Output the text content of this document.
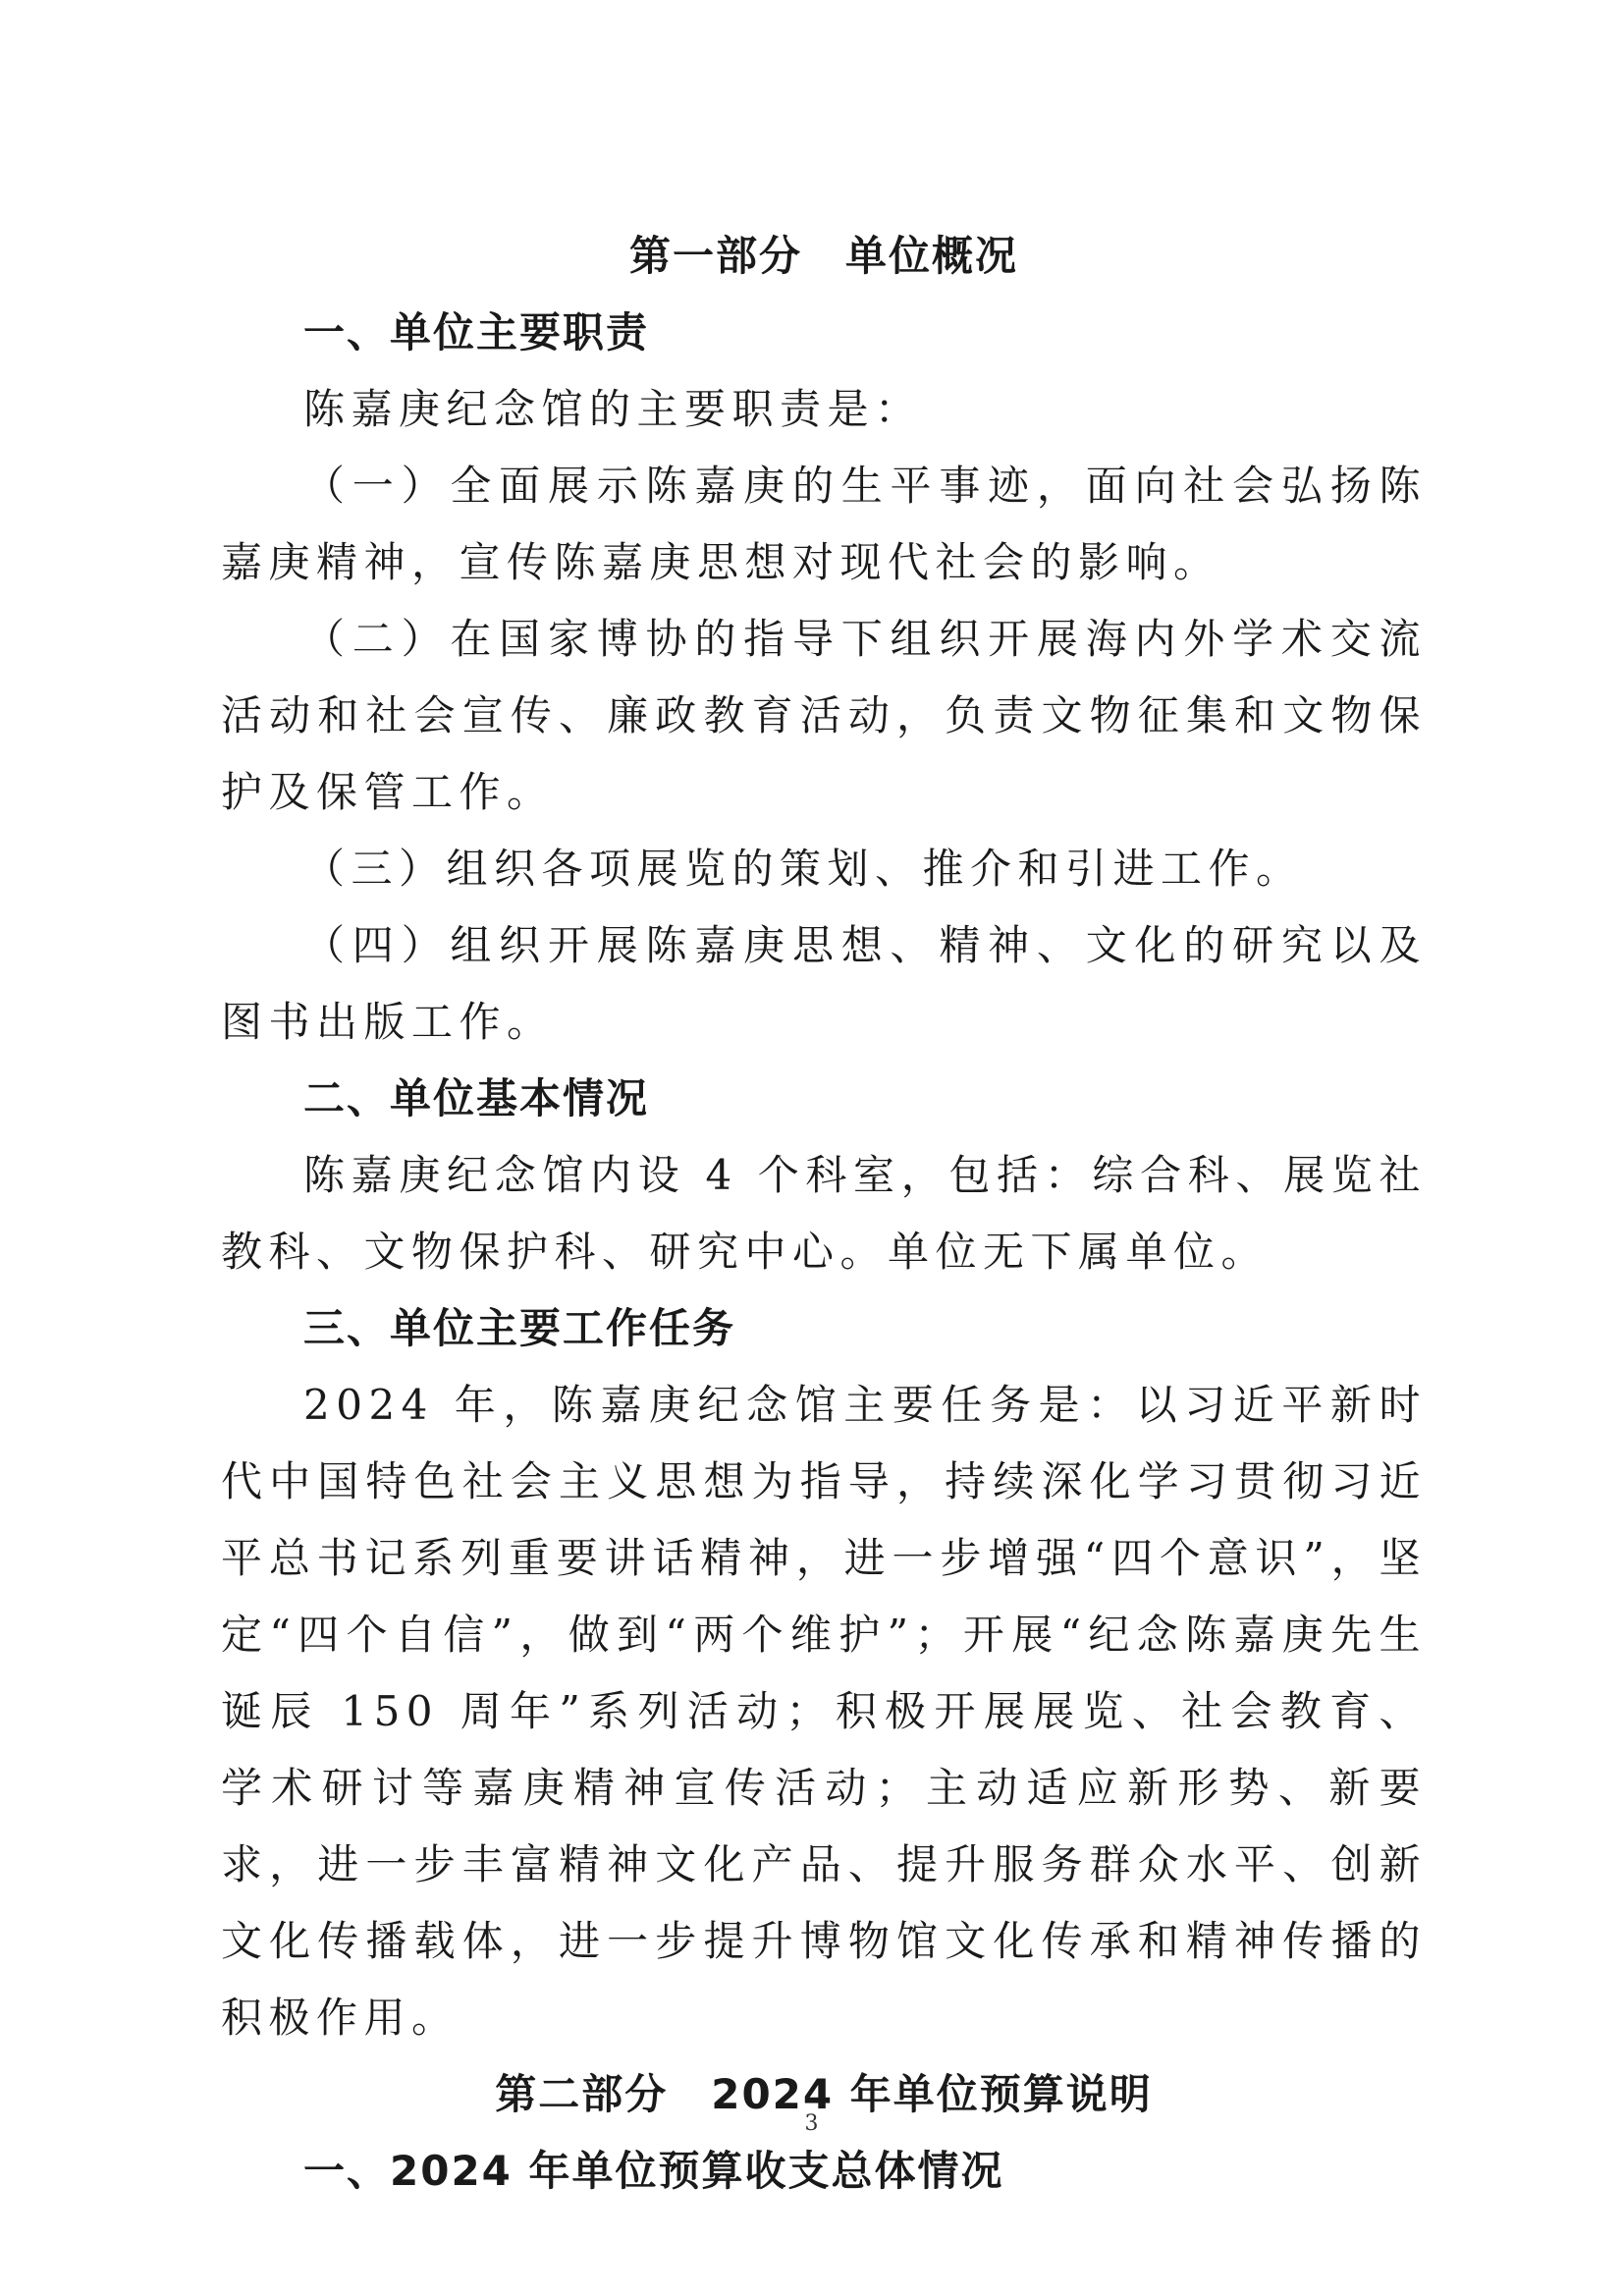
第一部分　单位概况
一、单位主要职责

陈嘉庚纪念馆的主要职责是：

（一）全面展示陈嘉庚的生平事迹，面向社会弘扬陈嘉庚精神，宣传陈嘉庚思想对现代社会的影响。

（二）在国家博协的指导下组织开展海内外学术交流活动和社会宣传、廉政教育活动，负责文物征集和文物保护及保管工作。

（三）组织各项展览的策划、推介和引进工作。

（四）组织开展陈嘉庚思想、精神、文化的研究以及图书出版工作。

二、单位基本情况

陈嘉庚纪念馆内设 4 个科室，包括：综合科、展览社教科、文物保护科、研究中心。单位无下属单位。

三、单位主要工作任务

2024 年，陈嘉庚纪念馆主要任务是：以习近平新时代中国特色社会主义思想为指导，持续深化学习贯彻习近平总书记系列重要讲话精神，进一步增强“四个意识”，坚定“四个自信”，做到“两个维护”；开展“纪念陈嘉庚先生诞辰 150 周年”系列活动；积极开展展览、社会教育、学术研讨等嘉庚精神宣传活动；主动适应新形势、新要求，进一步丰富精神文化产品、提升服务群众水平、创新文化传播载体，进一步提升博物馆文化传承和精神传播的积极作用。

第二部分　2024 年单位预算说明
一、2024 年单位预算收支总体情况
3
